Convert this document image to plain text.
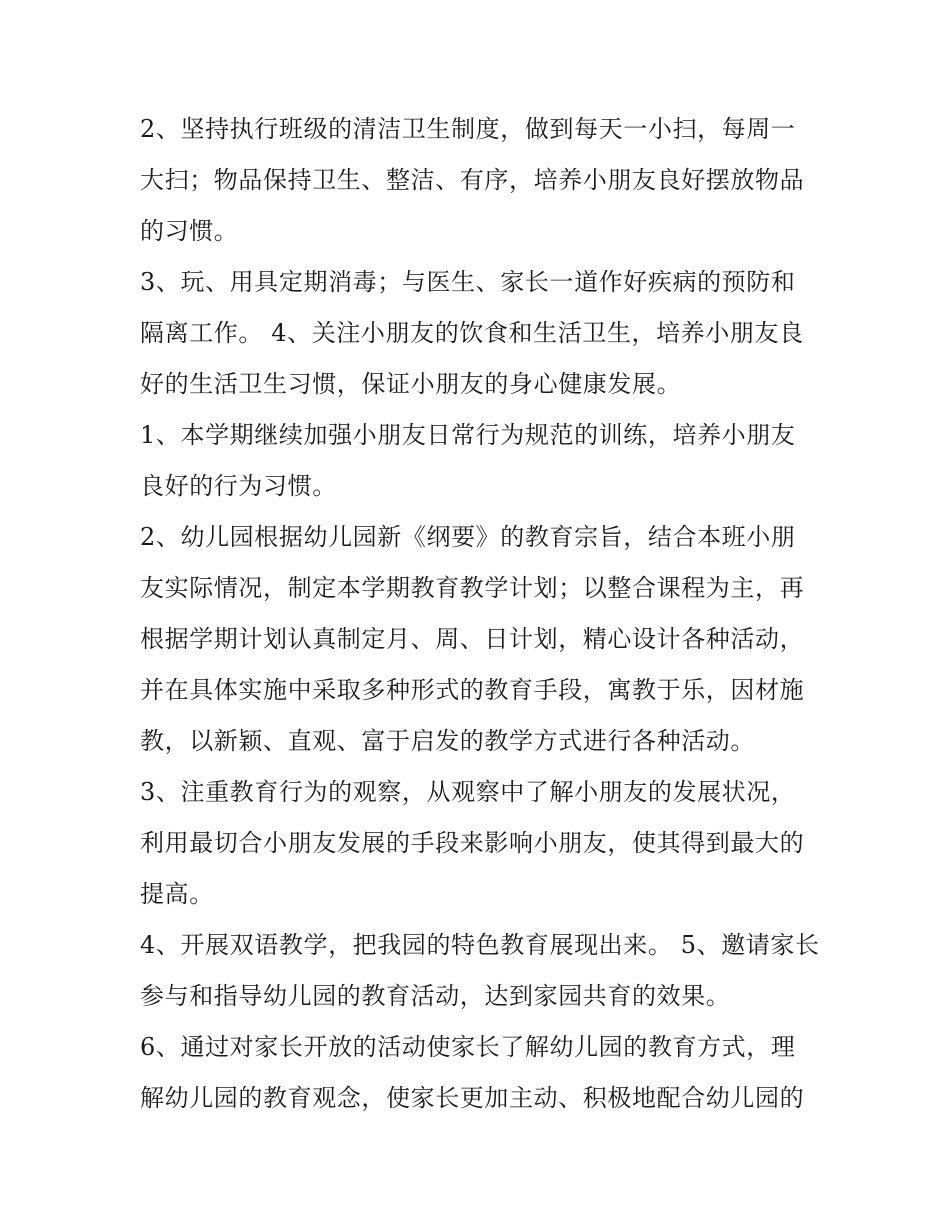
2、坚持执行班级的清洁卫生制度，做到每天一小扫，每周一大扫；物品保持卫生、整洁、有序，培养小朋友良好摆放物品的习惯。

3、玩、用具定期消毒；与医生、家长一道作好疾病的预防和隔离工作。 4、关注小朋友的饮食和生活卫生，培养小朋友良好的生活卫生习惯，保证小朋友的身心健康发展。

1、本学期继续加强小朋友日常行为规范的训练，培养小朋友良好的行为习惯。

2、幼儿园根据幼儿园新《纲要》的教育宗旨，结合本班小朋友实际情况，制定本学期教育教学计划；以整合课程为主，再根据学期计划认真制定月、周、日计划，精心设计各种活动，并在具体实施中采取多种形式的教育手段，寓教于乐，因材施教，以新颖、直观、富于启发的教学方式进行各种活动。

3、注重教育行为的观察，从观察中了解小朋友的发展状况，利用最切合小朋友发展的手段来影响小朋友，使其得到最大的提高。

4、开展双语教学，把我园的特色教育展现出来。 5、邀请家长参与和指导幼儿园的教育活动，达到家园共育的效果。

6、通过对家长开放的活动使家长了解幼儿园的教育方式，理解幼儿园的教育观念，使家长更加主动、积极地配合幼儿园的
